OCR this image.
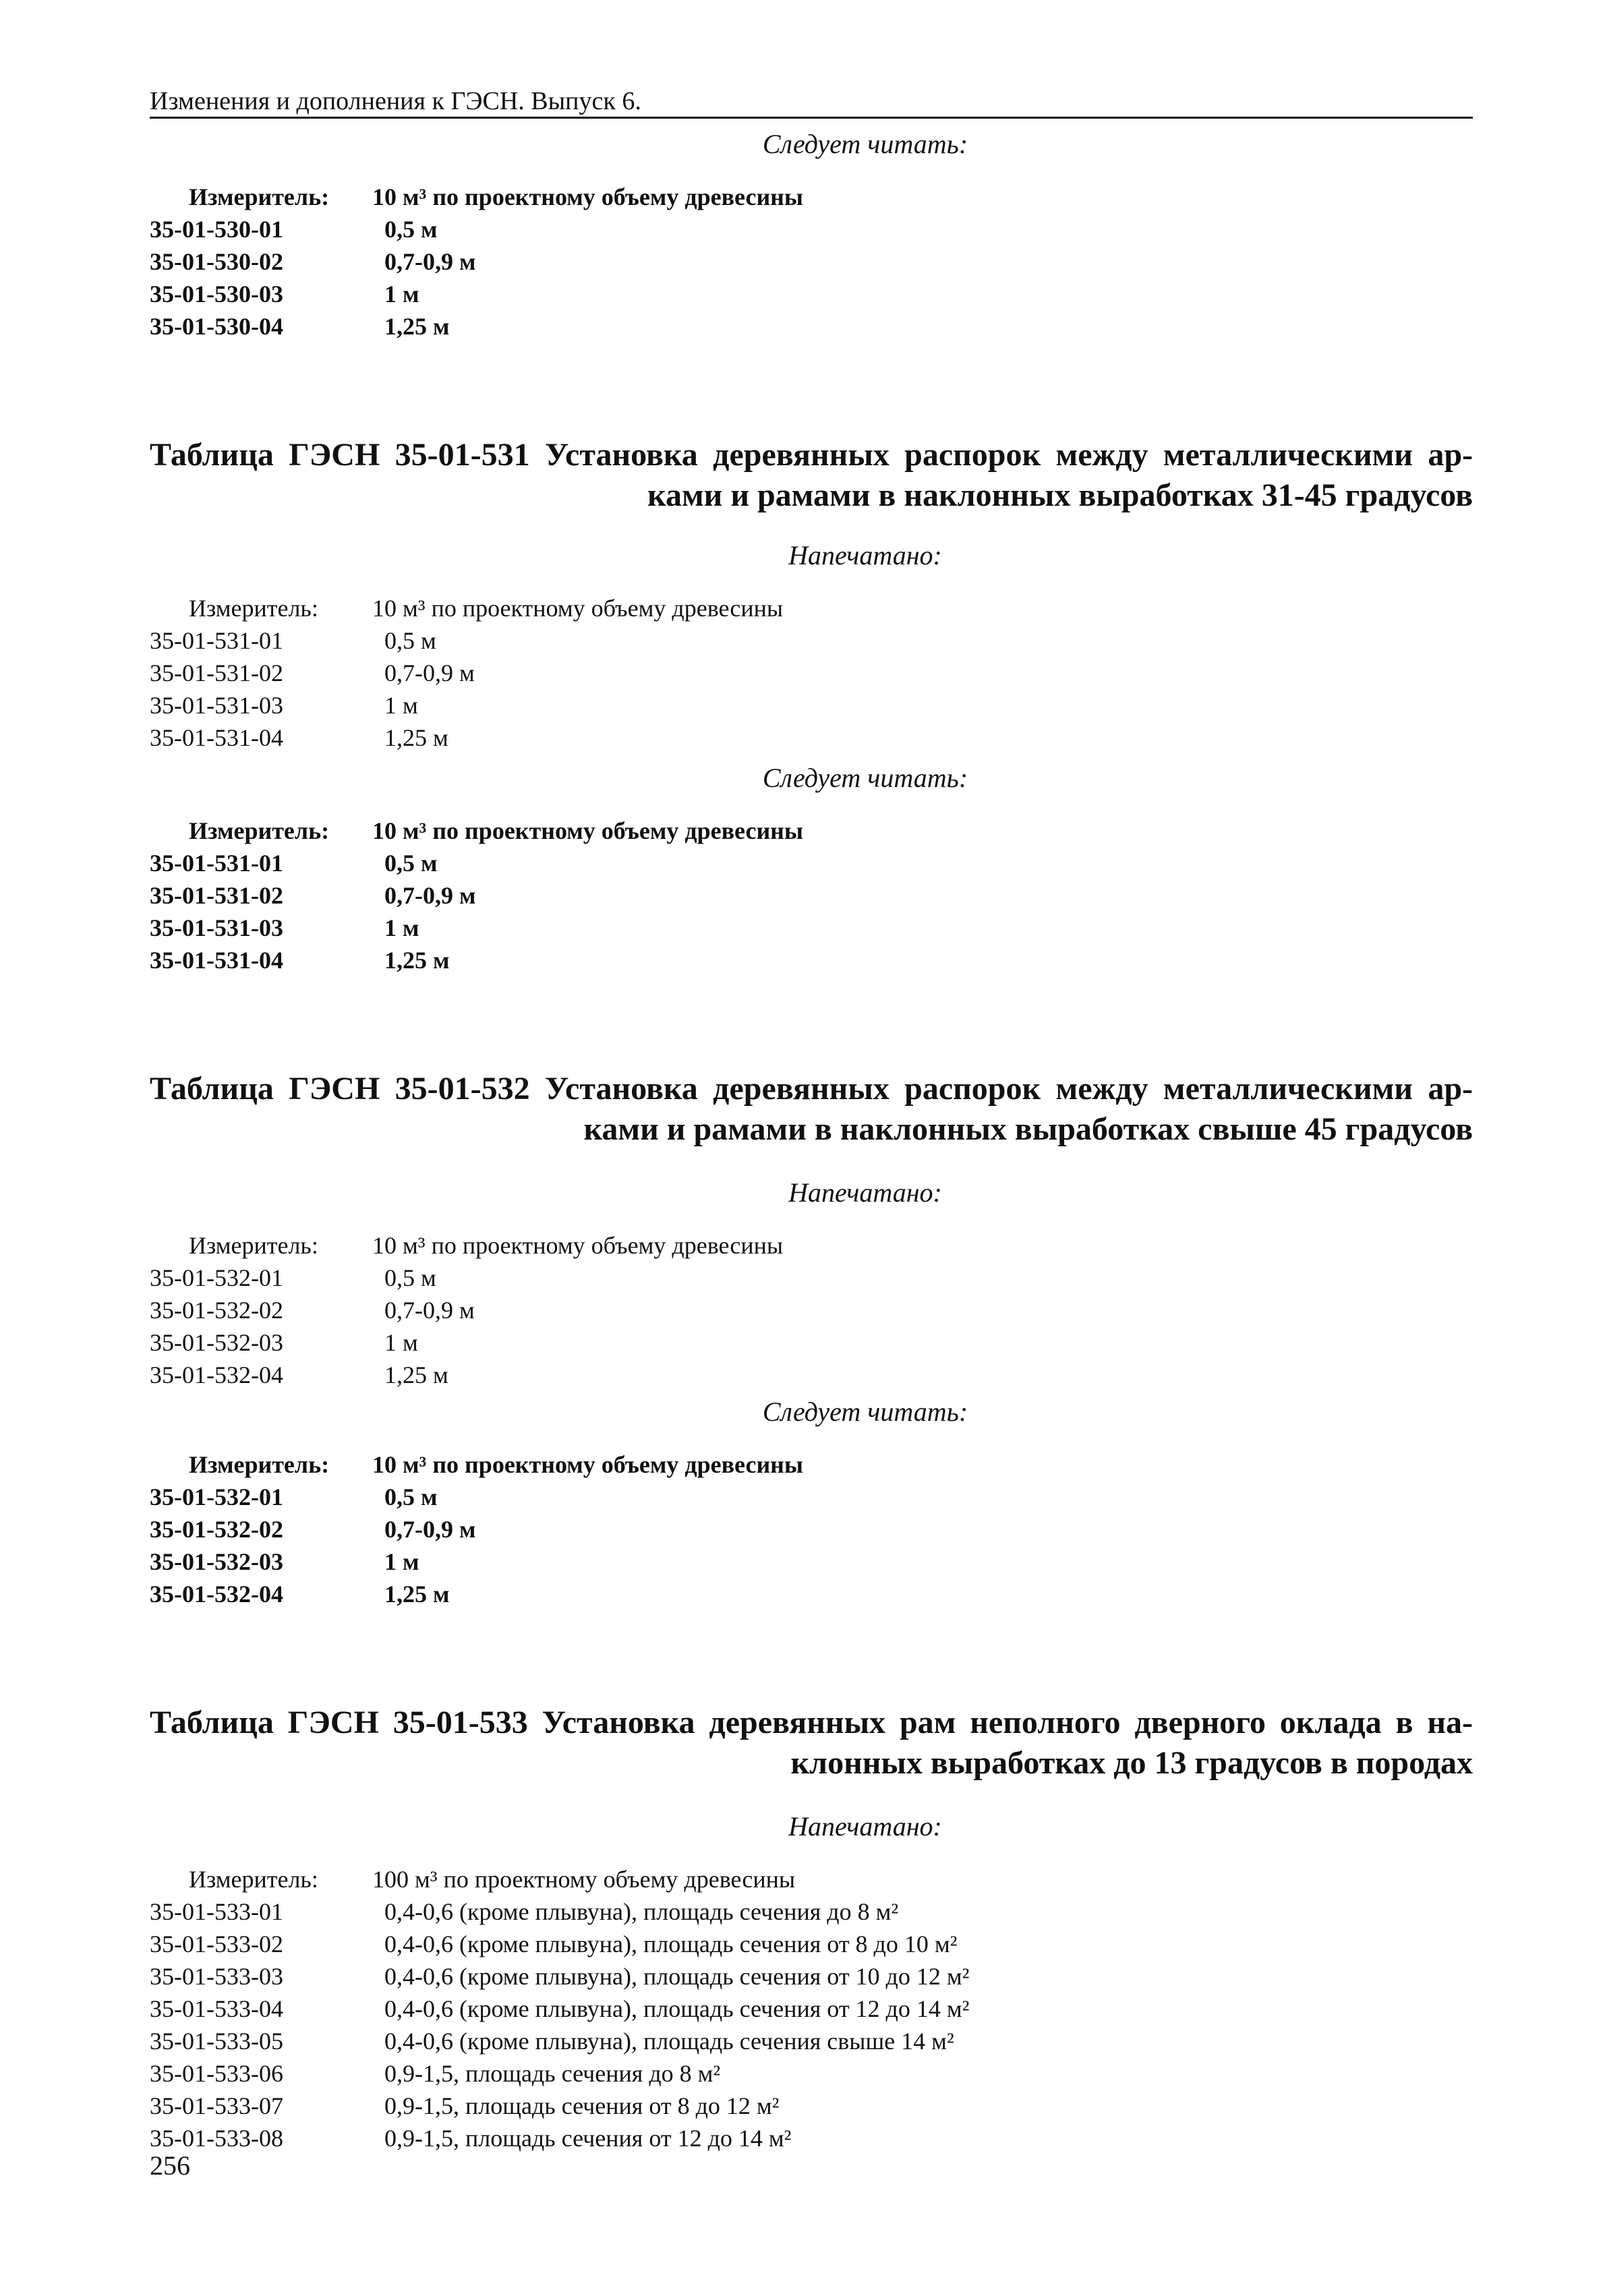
Изменения и дополнения к ГЭСН. Выпуск 6.
Следует читать:
Измеритель:	10 м³ по проектному объему древесины
35-01-530-01	0,5 м
35-01-530-02	0,7-0,9 м
35-01-530-03	1 м
35-01-530-04	1,25 м
Таблица ГЭСН 35-01-531 Установка деревянных распорок между металлическими ар-
ками и рамами в наклонных выработках 31-45 градусов
Напечатано:
Измеритель:	10 м³ по проектному объему древесины
35-01-531-01	0,5 м
35-01-531-02	0,7-0,9 м
35-01-531-03	1 м
35-01-531-04	1,25 м
Следует читать:
Измеритель:	10 м³ по проектному объему древесины
35-01-531-01	0,5 м
35-01-531-02	0,7-0,9 м
35-01-531-03	1 м
35-01-531-04	1,25 м
Таблица ГЭСН 35-01-532 Установка деревянных распорок между металлическими ар-
ками и рамами в наклонных выработках свыше 45 градусов
Напечатано:
Измеритель:	10 м³ по проектному объему древесины
35-01-532-01	0,5 м
35-01-532-02	0,7-0,9 м
35-01-532-03	1 м
35-01-532-04	1,25 м
Следует читать:
Измеритель:	10 м³ по проектному объему древесины
35-01-532-01	0,5 м
35-01-532-02	0,7-0,9 м
35-01-532-03	1 м
35-01-532-04	1,25 м
Таблица ГЭСН 35-01-533 Установка деревянных рам неполного дверного оклада в на-
клонных выработках до 13 градусов в породах
Напечатано:
Измеритель:	100 м³ по проектному объему древесины
35-01-533-01	0,4-0,6 (кроме плывуна), площадь сечения до 8 м²
35-01-533-02	0,4-0,6 (кроме плывуна), площадь сечения от 8 до 10 м²
35-01-533-03	0,4-0,6 (кроме плывуна), площадь сечения от 10 до 12 м²
35-01-533-04	0,4-0,6 (кроме плывуна), площадь сечения от 12 до 14 м²
35-01-533-05	0,4-0,6 (кроме плывуна), площадь сечения свыше 14 м²
35-01-533-06	0,9-1,5, площадь сечения до 8 м²
35-01-533-07	0,9-1,5, площадь сечения от 8 до 12 м²
35-01-533-08	0,9-1,5, площадь сечения от 12 до 14 м²
256
